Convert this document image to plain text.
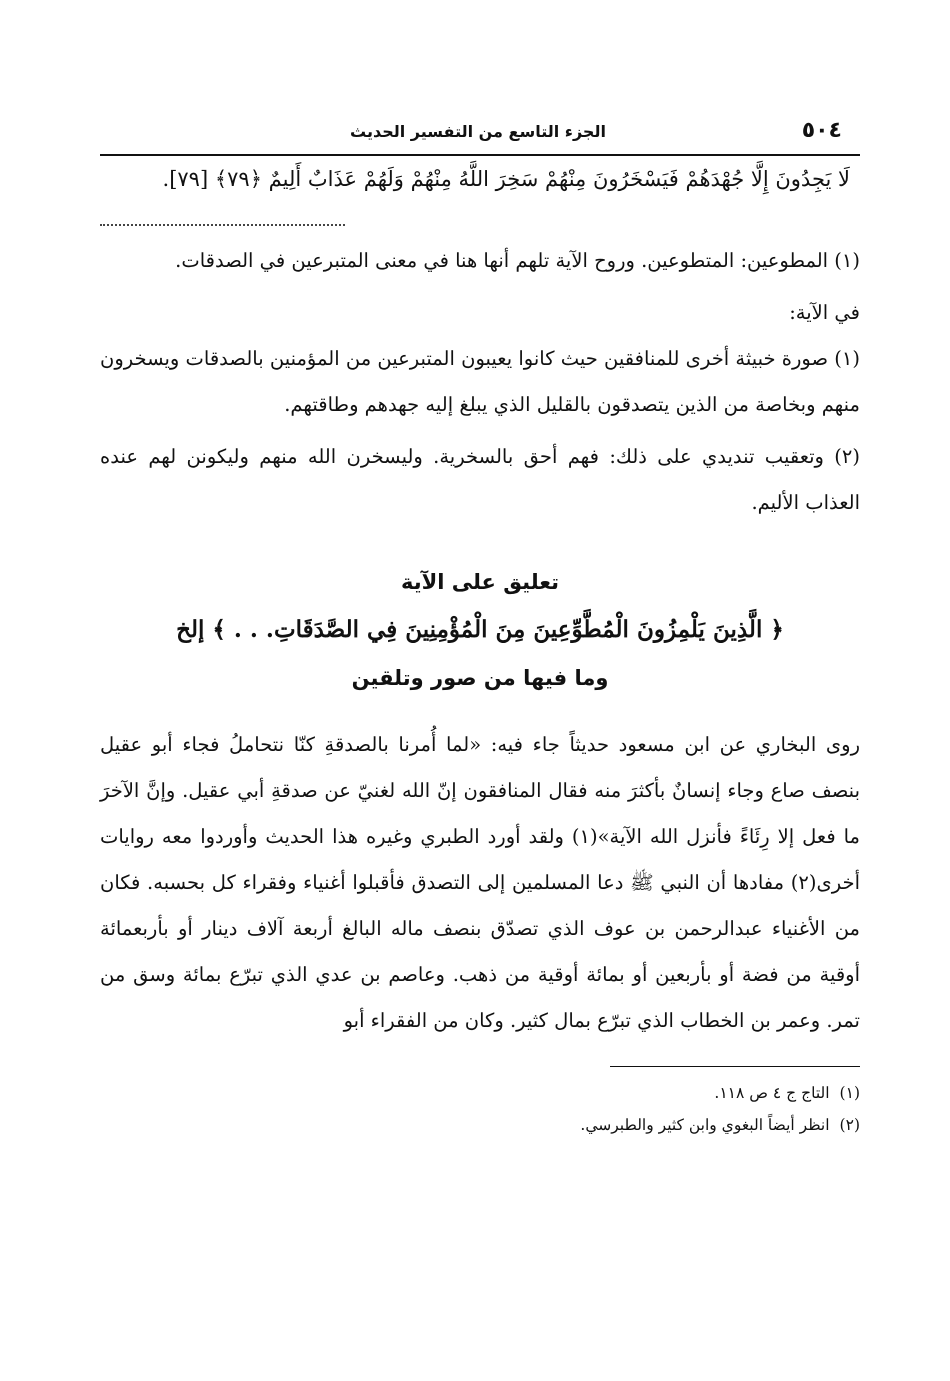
٥٠٤
الجزء التاسع من التفسير الحديث
لَا يَجِدُونَ إِلَّا جُهْدَهُمْ فَيَسْخَرُونَ مِنْهُمْ سَخِرَ اللَّهُ مِنْهُمْ وَلَهُمْ عَذَابٌ أَلِيمٌ ﴿٧٩﴾ [٧٩].

(١) المطوعين: المتطوعين. وروح الآية تلهم أنها هنا في معنى المتبرعين في الصدقات.

في الآية:

(١) صورة خبيثة أخرى للمنافقين حيث كانوا يعيبون المتبرعين من المؤمنين بالصدقات ويسخرون منهم وبخاصة من الذين يتصدقون بالقليل الذي يبلغ إليه جهدهم وطاقتهم.

(٢) وتعقيب تنديدي على ذلك: فهم أحق بالسخرية. وليسخرن الله منهم وليكونن لهم عنده العذاب الأليم.

تعليق على الآية
﴿ الَّذِينَ يَلْمِزُونَ الْمُطَّوِّعِينَ مِنَ الْمُؤْمِنِينَ فِي الصَّدَقَاتِ. . . ﴾ إلخ
وما فيها من صور وتلقين

روى البخاري عن ابن مسعود حديثاً جاء فيه: «لما أُمرنا بالصدقةِ كنّا نتحاملُ فجاء أبو عقيل بنصف صاع وجاء إنسانٌ بأكثرَ منه فقال المنافقون إنّ الله لغنيّ عن صدقةِ أبي عقيل. وإنَّ الآخرَ ما فعل إلا رِئَاءً فأنزل الله الآية»(١) ولقد أورد الطبري وغيره هذا الحديث وأوردوا معه روايات أخرى(٢) مفادها أن النبي ﷺ دعا المسلمين إلى التصدق فأقبلوا أغنياء وفقراء كل بحسبه. فكان من الأغنياء عبدالرحمن بن عوف الذي تصدّق بنصف ماله البالغ أربعة آلاف دينار أو بأربعمائة أوقية من فضة أو بأربعين أو بمائة أوقية من ذهب. وعاصم بن عدي الذي تبرّع بمائة وسق من تمر. وعمر بن الخطاب الذي تبرّع بمال كثير. وكان من الفقراء أبو

(١)التاج ج ٤ ص ١١٨.
(٢)انظر أيضاً البغوي وابن كثير والطبرسي.
